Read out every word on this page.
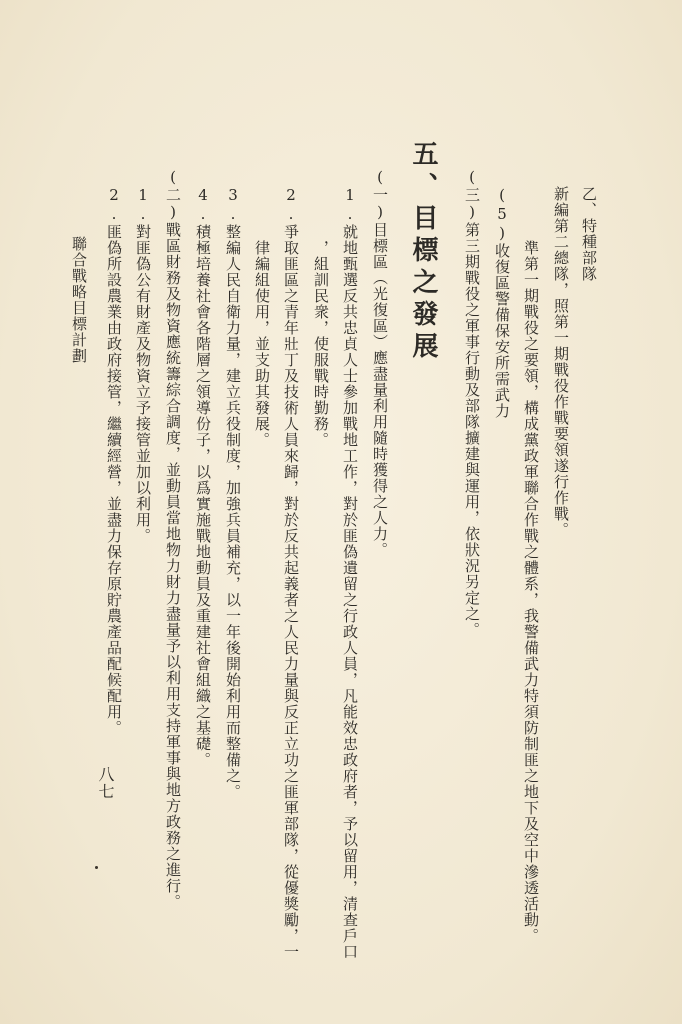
乙、特種部隊
新編第二總隊，照第一期戰役作戰要領遂行作戰。
準第一期戰役之要領，構成黨政軍聯合作戰之體系，我警備武力特須防制匪之地下及空中滲透活動。
(5)收復區警備保安所需武力
(三)第三期戰役之軍事行動及部隊擴建與運用，依狀況另定之。
五、目標之發展
(一)目標區（光復區）應盡量利用隨時獲得之人力。
1.就地甄選反共忠貞人士參加戰地工作，對於匪偽遺留之行政人員，凡能效忠政府者，予以留用，清查戶口
，組訓民衆，使服戰時勤務。
2.爭取匪區之青年壯丁及技術人員來歸，對於反共起義者之人民力量與反正立功之匪軍部隊，從優獎勵，一
律編組使用，並支助其發展。
3.整編人民自衛力量，建立兵役制度，加強兵員補充，以一年後開始利用而整備之。
4.積極培養社會各階層之領導份子，以爲實施戰地動員及重建社會組織之基礎。
(二)戰區財務及物資應統籌綜合調度，並動員當地物力財力盡量予以利用支持軍事與地方政務之進行。
1.對匪偽公有財產及物資立予接管並加以利用。
2.匪偽所設農業由政府接管，繼續經營，並盡力保存原貯農產品配候配用。
聯合戰略目標計劃
八七
